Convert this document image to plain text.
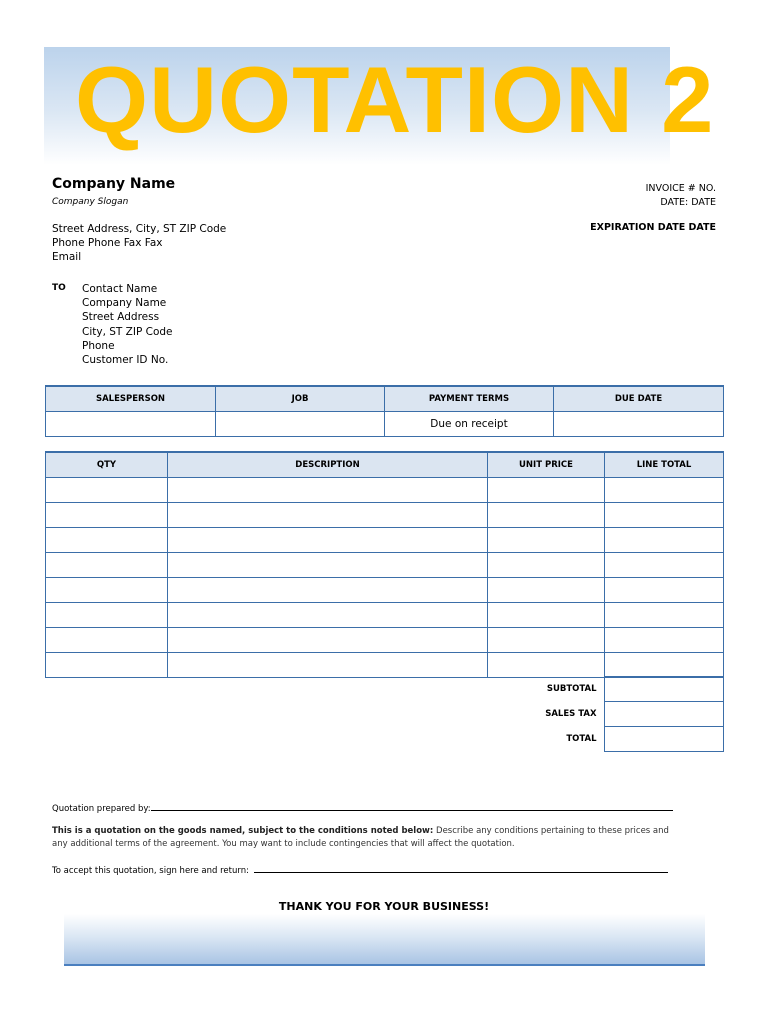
QUOTATION 2
Company Name
Company Slogan
Street Address, City, ST ZIP Code
Phone Phone Fax Fax
Email
INVOICE # NO.
DATE: DATE
EXPIRATION DATE DATE
TO Contact Name
Company Name
Street Address
City, ST ZIP Code
Phone
Customer ID No.
SALESPERSON	JOB	PAYMENT TERMS	DUE DATE
		Due on receipt	
QTY	DESCRIPTION	UNIT PRICE	LINE TOTAL

SUBTOTAL	
SALES TAX	
TOTAL	
Quotation prepared by:
This is a quotation on the goods named, subject to the conditions noted below: Describe any conditions pertaining to these prices and any additional terms of the agreement. You may want to include contingencies that will affect the quotation.
To accept this quotation, sign here and return:
THANK YOU FOR YOUR BUSINESS!
